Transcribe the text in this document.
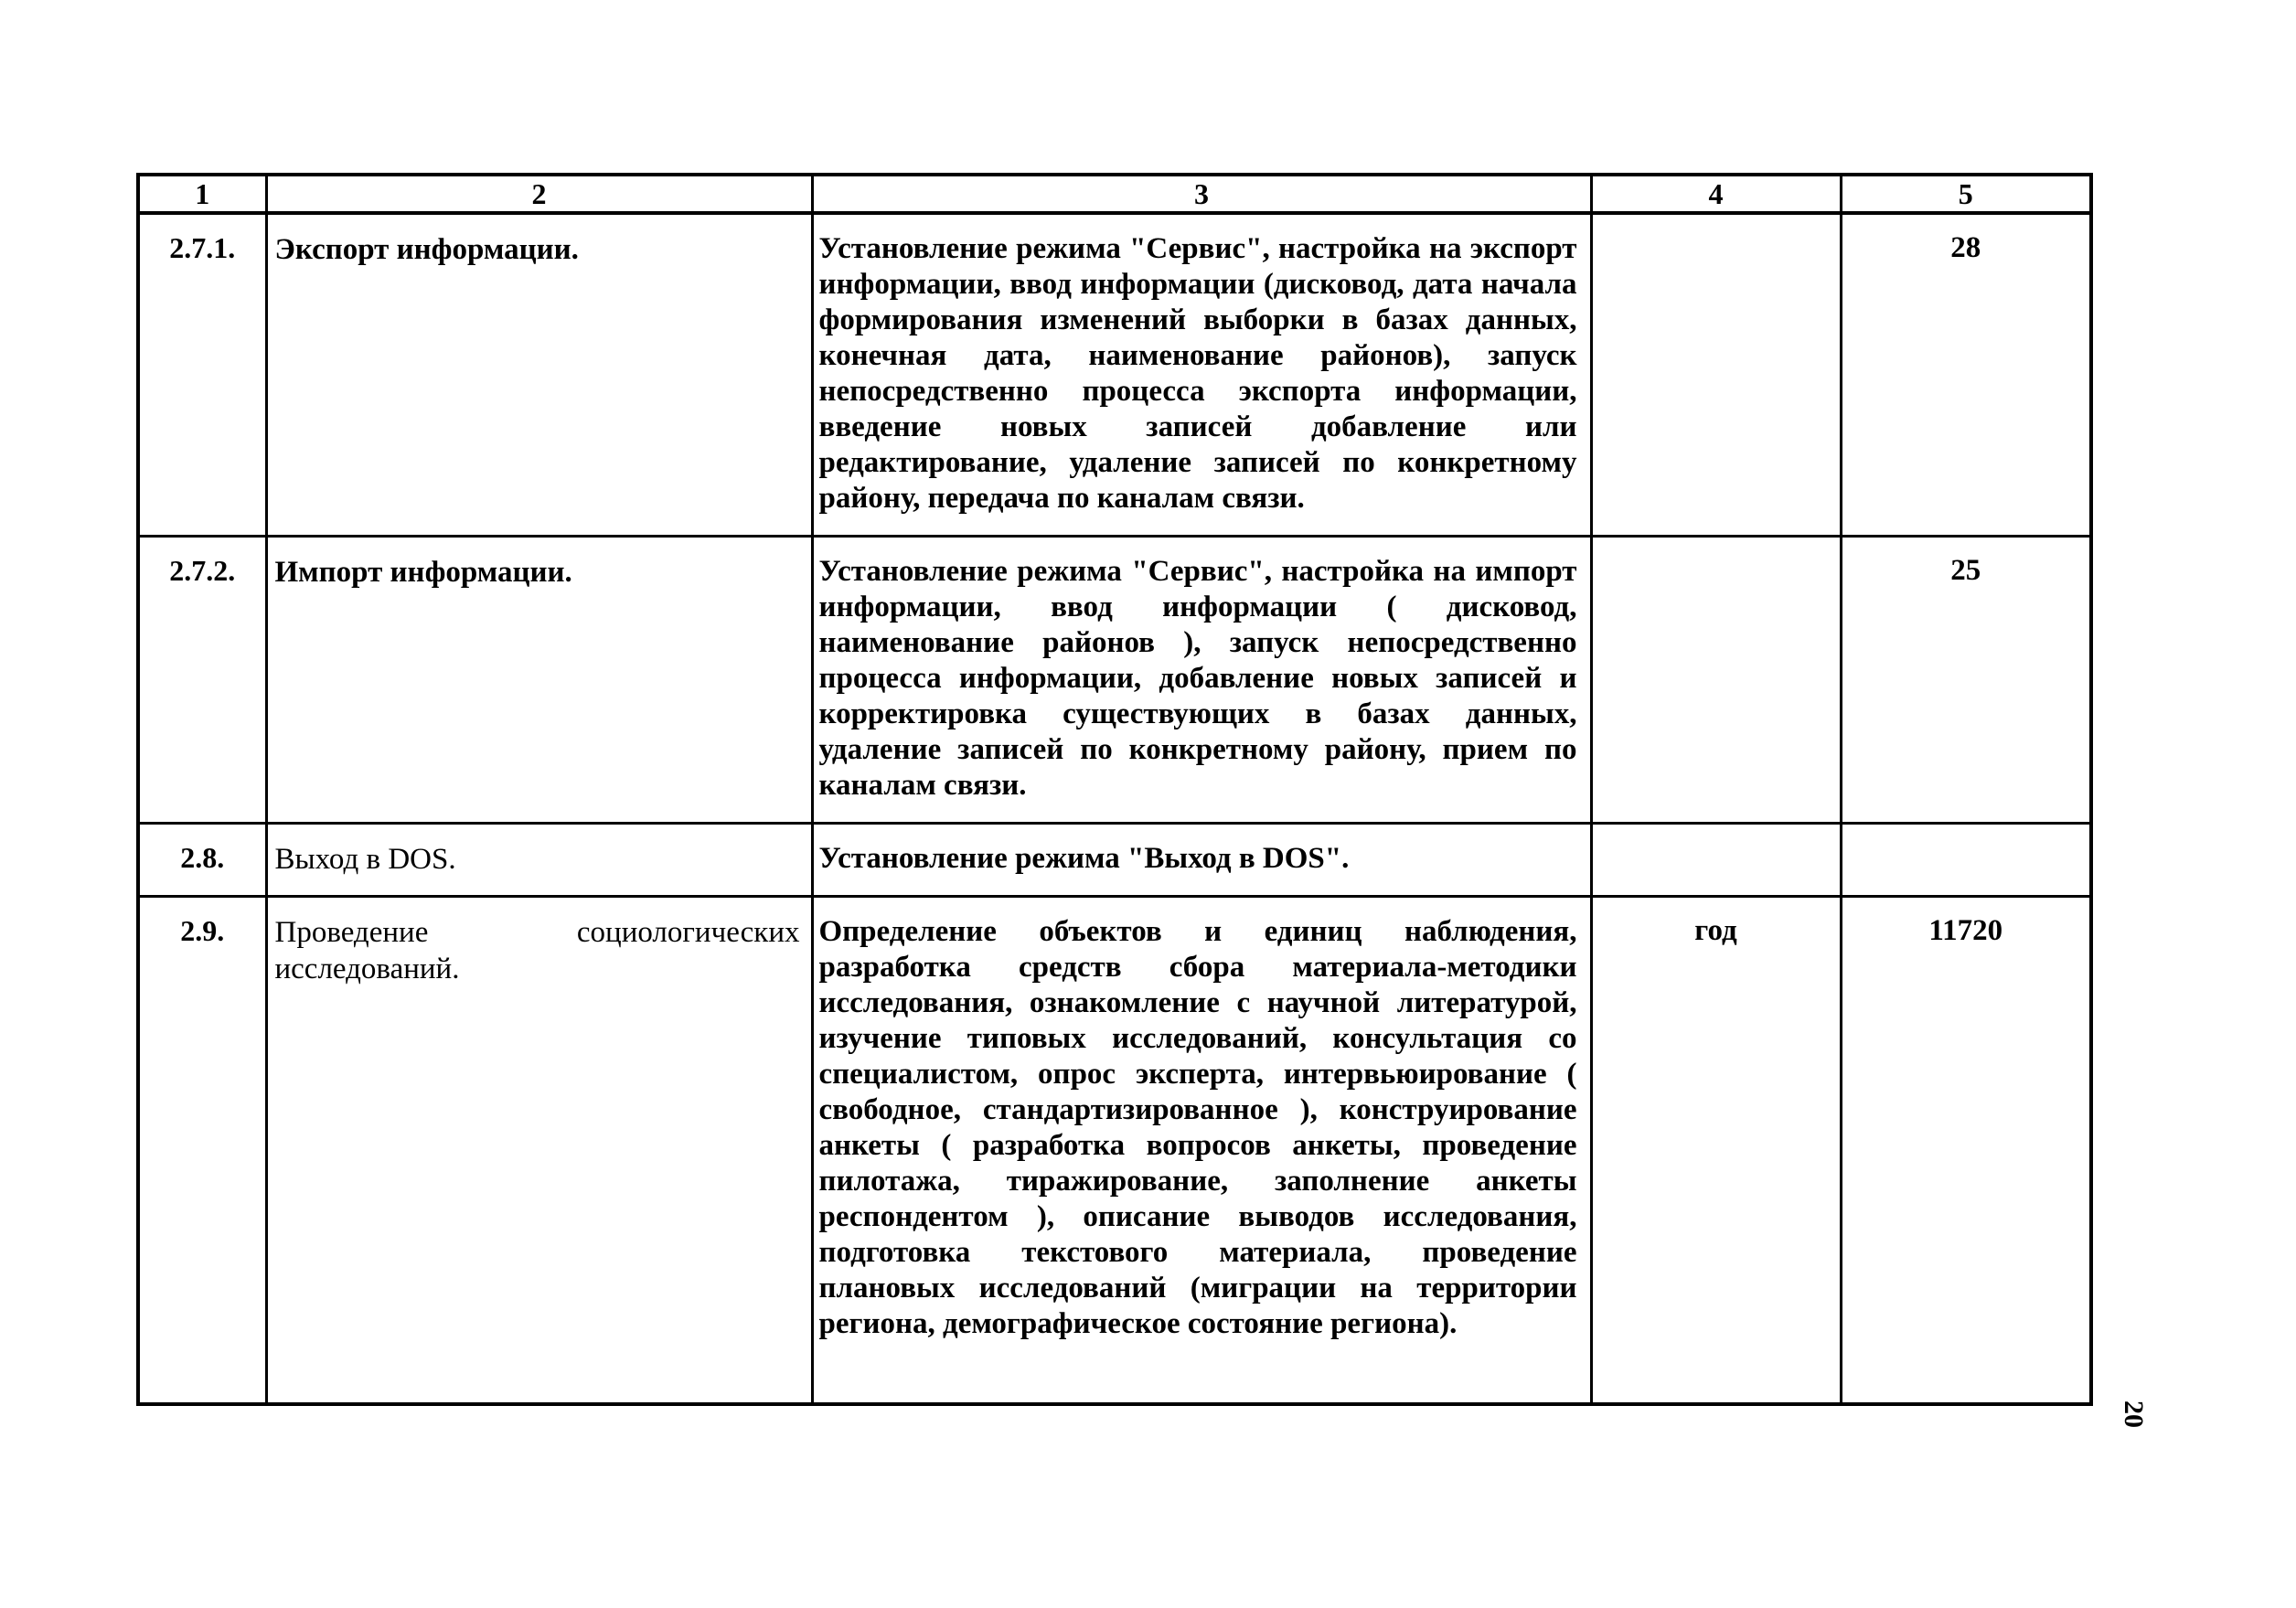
1	2	3	4	5
2.7.1.	Экспорт информации.	Установление режима "Сервис", настройка на экспорт информации, ввод информации (дисковод, дата начала формирования изменений выборки в базах данных, конечная дата, наименование районов), запуск непосредственно процесса экспорта информации, введение новых записей добавление или редактирование, удаление записей по конкретному району, передача по каналам связи.		28
2.7.2.	Импорт информации.	Установление режима "Сервис", настройка на импорт информации, ввод информации ( дисковод, наименование районов ), запуск непосредственно процесса информации, добавление новых записей и корректировка существующих в базах данных, удаление записей по конкретному району, прием по каналам связи.		25
2.8.	Выход в DOS.	Установление режима "Выход в DOS".		
2.9.	Проведение социологических исследований.	Определение объектов и единиц наблюдения, разработка средств сбора материала-методики исследования, ознакомление с научной литературой, изучение типовых исследований, консультация со специалистом, опрос эксперта, интервьюирование ( свободное, стандартизированное ), конструирование анкеты ( разработка вопросов анкеты, проведение пилотажа, тиражирование, заполнение анкеты респондентом ), описание выводов исследования, подготовка текстового материала, проведение плановых исследований (миграции на территории региона, демографическое состояние региона).	год	11720
20
